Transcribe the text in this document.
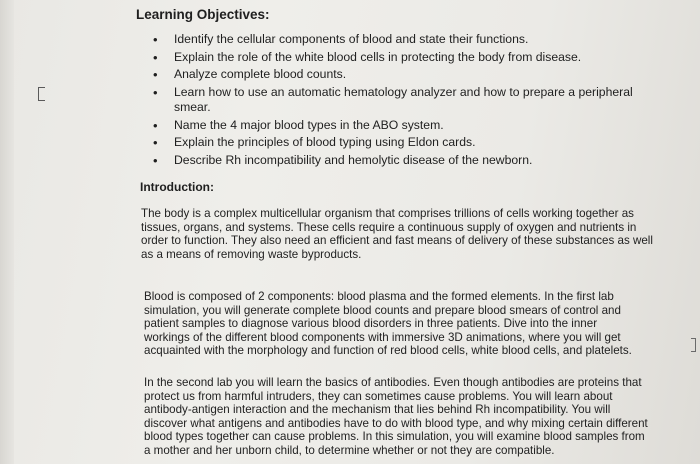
Learning Objectives:
• Identify the cellular components of blood and state their functions.
• Explain the role of the white blood cells in protecting the body from disease.
• Analyze complete blood counts.
• Learn how to use an automatic hematology analyzer and how to prepare a peripheral smear.
• Name the 4 major blood types in the ABO system.
• Explain the principles of blood typing using Eldon cards.
• Describe Rh incompatibility and hemolytic disease of the newborn.
Introduction:

The body is a complex multicellular organism that comprises trillions of cells working together as tissues, organs, and systems. These cells require a continuous supply of oxygen and nutrients in order to function. They also need an efficient and fast means of delivery of these substances as well as a means of removing waste byproducts.

Blood is composed of 2 components: blood plasma and the formed elements. In the first lab simulation, you will generate complete blood counts and prepare blood smears of control and patient samples to diagnose various blood disorders in three patients. Dive into the inner workings of the different blood components with immersive 3D animations, where you will get acquainted with the morphology and function of red blood cells, white blood cells, and platelets.

In the second lab you will learn the basics of antibodies. Even though antibodies are proteins that protect us from harmful intruders, they can sometimes cause problems. You will learn about antibody-antigen interaction and the mechanism that lies behind Rh incompatibility. You will discover what antigens and antibodies have to do with blood type, and why mixing certain different blood types together can cause problems. In this simulation, you will examine blood samples from a mother and her unborn child, to determine whether or not they are compatible.
